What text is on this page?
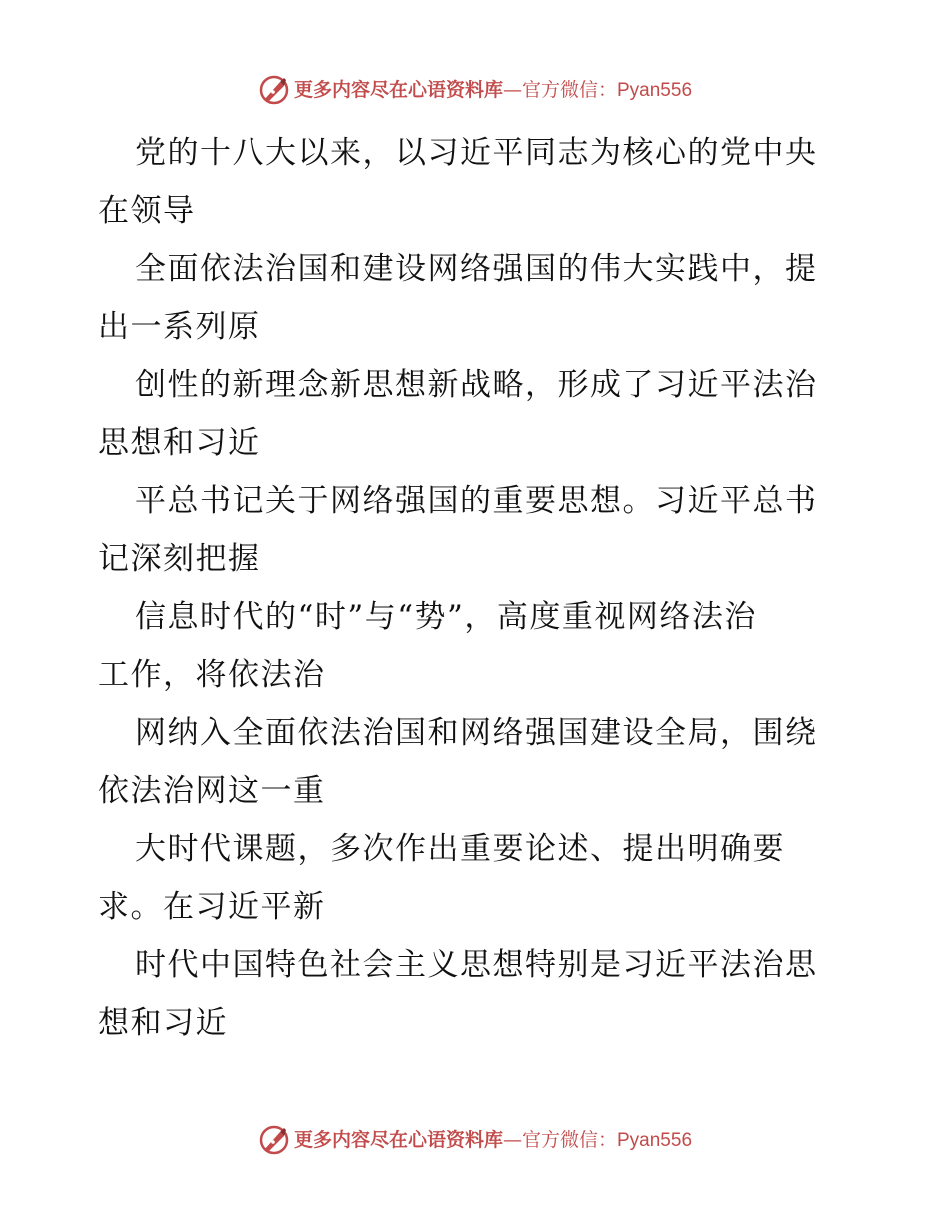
更多内容尽在心语资料库—官方微信：Pyan556
党的十八大以来，以习近平同志为核心的党中央
在领导
全面依法治国和建设网络强国的伟大实践中，提
出一系列原
创性的新理念新思想新战略，形成了习近平法治
思想和习近
平总书记关于网络强国的重要思想。习近平总书
记深刻把握
信息时代的“时”与“势”，高度重视网络法治
工作，将依法治
网纳入全面依法治国和网络强国建设全局，围绕
依法治网这一重
大时代课题，多次作出重要论述、提出明确要
求。在习近平新
时代中国特色社会主义思想特别是习近平法治思
想和习近
更多内容尽在心语资料库—官方微信：Pyan556
